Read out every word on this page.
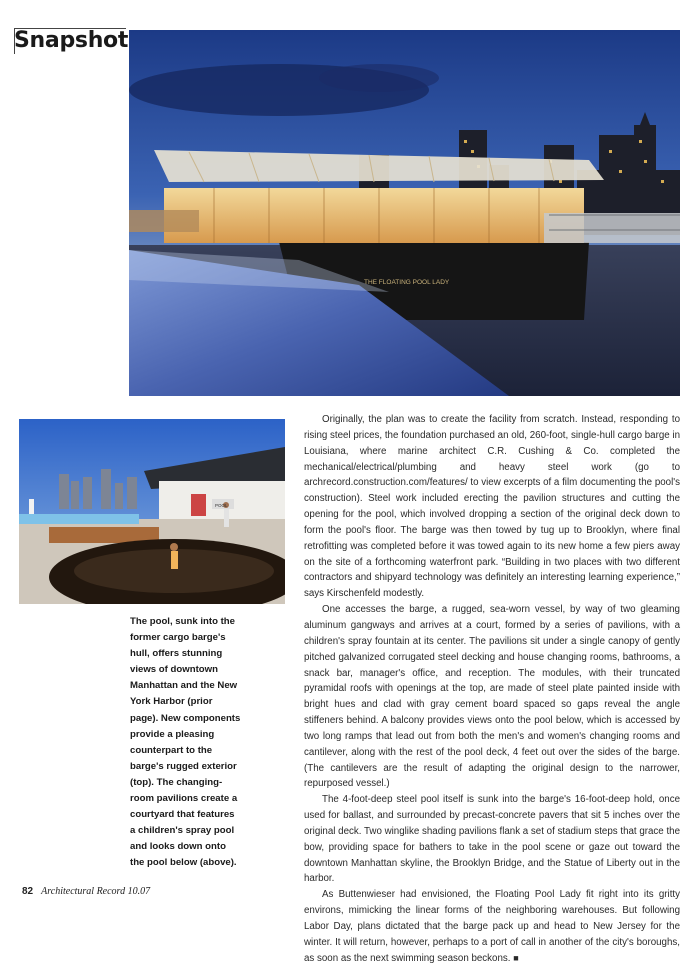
Snapshot
THE FLOATING POOL LADY
POOL
The pool, sunk into the former cargo barge's hull, offers stunning views of downtown Manhattan and the New York Harbor (prior page). New components provide a pleasing counterpart to the barge's rugged exterior (top). The changing-room pavilions create a courtyard that features a children's spray pool and looks down onto the pool below (above).

Originally, the plan was to create the facility from scratch. Instead, responding to rising steel prices, the foundation purchased an old, 260-foot, single-hull cargo barge in Louisiana, where marine architect C.R. Cushing & Co. completed the mechanical/electrical/plumbing and heavy steel work (go to archrecord.construction.com/features/ to view excerpts of a film documenting the pool's construction). Steel work included erecting the pavilion structures and cutting the opening for the pool, which involved dropping a section of the original deck down to form the pool's floor. The barge was then towed by tug up to Brooklyn, where final retrofitting was completed before it was towed again to its new home a few piers away on the site of a forthcoming waterfront park. “Building in two places with two different contractors and shipyard technology was definitely an interesting learning experience,” says Kirschenfeld modestly.

One accesses the barge, a rugged, sea-worn vessel, by way of two gleaming aluminum gangways and arrives at a court, formed by a series of pavilions, with a children's spray fountain at its center. The pavilions sit under a single canopy of gently pitched galvanized corrugated steel decking and house changing rooms, bathrooms, a snack bar, manager's office, and reception. The modules, with their truncated pyramidal roofs with openings at the top, are made of steel plate painted inside with bright hues and clad with gray cement board spaced so gaps reveal the angle stiffeners behind. A balcony provides views onto the pool below, which is accessed by two long ramps that lead out from both the men's and women's changing rooms and cantilever, along with the rest of the pool deck, 4 feet out over the sides of the barge. (The cantilevers are the result of adapting the original design to the narrower, repurposed vessel.)

The 4-foot-deep steel pool itself is sunk into the barge's 16-foot-deep hold, once used for ballast, and surrounded by precast-concrete pavers that sit 5 inches over the original deck. Two winglike shading pavilions flank a set of stadium steps that grace the bow, providing space for bathers to take in the pool scene or gaze out toward the downtown Manhattan skyline, the Brooklyn Bridge, and the Statue of Liberty out in the harbor.

As Buttenwieser had envisioned, the Floating Pool Lady fit right into its gritty environs, mimicking the linear forms of the neighboring warehouses. But following Labor Day, plans dictated that the barge pack up and head to New Jersey for the winter. It will return, however, perhaps to a port of call in another of the city's boroughs, as soon as the next swimming season beckons. ■

82 Architectural Record 10.07
